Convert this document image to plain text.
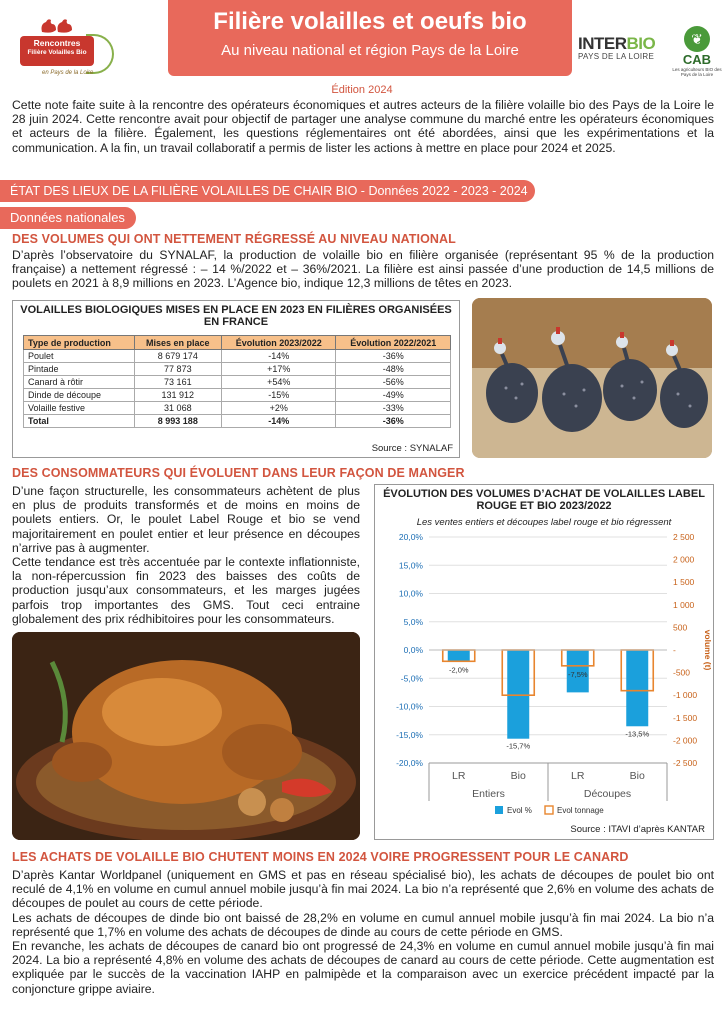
Rencontres
Filière Volailles Bio
en Pays de la Loire
Filière volailles et oeufs bio
Au niveau national et région Pays de la Loire	INTERBIO
PAYS DE LA LOIRE
❦
CAB
Les agriculteurs BIO des Pays de la Loire
Édition 2024
Cette note faite suite à la rencontre des opérateurs économiques et autres acteurs de la filière volaille bio des Pays de la Loire le 28 juin 2024. Cette rencontre avait pour objectif de partager une analyse commune du marché entre les opérateurs économiques et acteurs de la filière. Également, les questions réglementaires ont été abordées, ainsi que les expérimentations et la communication. A la fin, un travail collaboratif a permis de lister les actions à mettre en place pour 2024 et 2025.
ÉTAT DES LIEUX DE LA FILIÈRE VOLAILLES DE CHAIR BIO - Données 2022 - 2023 - 2024
Données nationales
DES VOLUMES QUI ONT NETTEMENT RÉGRESSÉ AU NIVEAU NATIONAL
D’après l’observatoire du SYNALAF, la production de volaille bio en filière organisée (représentant 95 % de la production française) a nettement régressé : – 14 %/2022 et – 36%/2021. La filière est ainsi passée d’une production de 14,5 millions de poulets en 2021 à 8,9 millions en 2023. L’Agence bio, indique 12,3 millions de têtes en 2023.
VOLAILLES BIOLOGIQUES MISES EN PLACE EN 2023 EN FILIÈRES ORGANISÉES EN FRANCE
Type de production	Mises en place	Évolution 2023/2022	Évolution 2022/2021
Poulet	8 679 174	-14%	-36%
Pintade	77 873	+17%	-48%
Canard à rôtir	73 161	+54%	-56%
Dinde de découpe	131 912	-15%	-49%
Volaille festive	31 068	+2%	-33%
Total	8 993 188	-14%	-36%
Source : SYNALAF
DES CONSOMMATEURS QUI ÉVOLUENT DANS LEUR FAÇON DE MANGER
D’une façon structurelle, les consommateurs achètent de plus en plus de produits transformés et de moins en moins de poulets entiers. Or, le poulet Label Rouge et bio se vend majoritairement en poulet entier et leur présence en découpes n’arrive pas à augmenter.
Cette tendance est très accentuée par le contexte inflationniste, la non-répercussion fin 2023 des baisses des coûts de production jusqu’aux consommateurs, et les marges jugées parfois trop importantes des GMS. Tout ceci entraine globalement des prix rédhibitoires pour les consommateurs.
ÉVOLUTION DES VOLUMES D’ACHAT DE VOLAILLES LABEL ROUGE ET BIO 2023/2022
Les ventes entiers et découpes label rouge et bio régressent
20,0%
15,0%
10,0%
5,0%
0,0%
-5,0%
-10,0%
-15,0%
-20,0%
2 500
2 000
1 500
1 000
500
-
-500
-1 000
-1 500
-2 000
-2 500
volume (t)
-2,0%
LR
-15,7%
Bio
-7,5%
LR
-13,5%
Bio
Entiers	Découpes
Evol %	Evol tonnage
Source : ITAVI d’après KANTAR
LES ACHATS DE VOLAILLE BIO CHUTENT MOINS EN 2024 VOIRE PROGRESSENT POUR LE CANARD
D’après Kantar Worldpanel (uniquement en GMS et pas en réseau spécialisé bio), les achats de découpes de poulet bio ont reculé de 4,1% en volume en cumul annuel mobile jusqu’à fin mai 2024. La bio n’a représenté que 2,6% en volume des achats de découpes de poulet au cours de cette période.
Les achats de découpes de dinde bio ont baissé de 28,2% en volume en cumul annuel mobile jusqu’à fin mai 2024. La bio n’a représenté que 1,7% en volume des achats de découpes de dinde au cours de cette période en GMS.
En revanche, les achats de découpes de canard bio ont progressé de 24,3% en volume en cumul annuel mobile jusqu’à fin mai 2024. La bio a représenté 4,8% en volume des achats de découpes de canard au cours de cette période. Cette augmentation est expliquée par le succès de la vaccination IAHP en palmipède et la comparaison avec un exercice précédent impacté par la conjoncture grippe aviaire.
